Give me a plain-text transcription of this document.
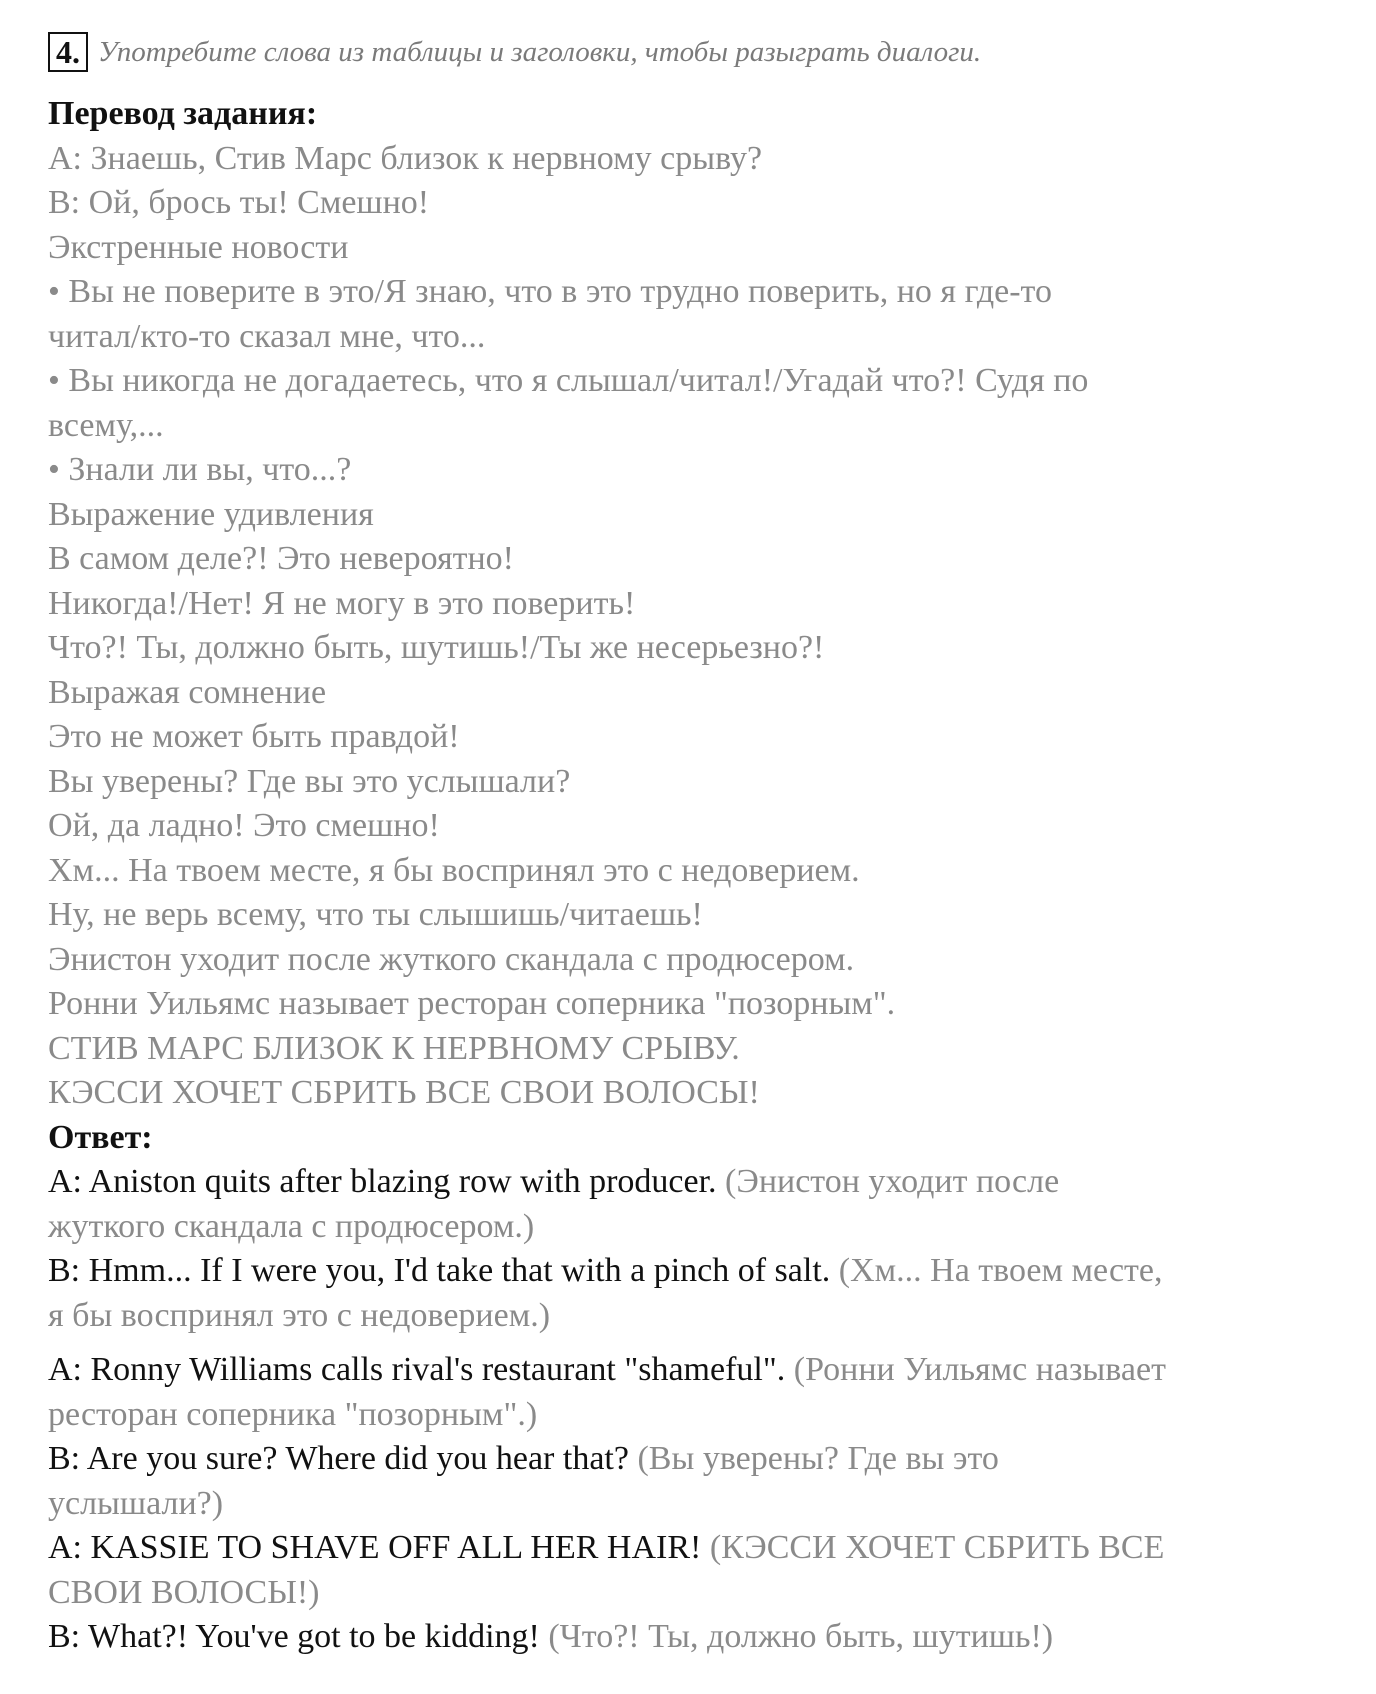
4. Употребите слова из таблицы и заголовки, чтобы разыграть диалоги.
Перевод задания:
A: Знаешь, Стив Марс близок к нервному срыву?
B: Ой, брось ты! Смешно!
Экстренные новости
• Вы не поверите в это/Я знаю, что в это трудно поверить, но я где-то
читал/кто-то сказал мне, что...
• Вы никогда не догадаетесь, что я слышал/читал!/Угадай что?! Судя по
всему,...
• Знали ли вы, что...?
Выражение удивления
В самом деле?! Это невероятно!
Никогда!/Нет! Я не могу в это поверить!
Что?! Ты, должно быть, шутишь!/Ты же несерьезно?!
Выражая сомнение
Это не может быть правдой!
Вы уверены? Где вы это услышали?
Ой, да ладно! Это смешно!
Хм... На твоем месте, я бы воспринял это с недоверием.
Ну, не верь всему, что ты слышишь/читаешь!
Энистон уходит после жуткого скандала с продюсером.
Ронни Уильямс называет ресторан соперника "позорным".
СТИВ МАРС БЛИЗОК К НЕРВНОМУ СРЫВУ.
КЭССИ ХОЧЕТ СБРИТЬ ВСЕ СВОИ ВОЛОСЫ!
Ответ:
A: Aniston quits after blazing row with producer. (Энистон уходит после
жуткого скандала с продюсером.)
B: Hmm... If I were you, I'd take that with a pinch of salt. (Хм... На твоем месте,
я бы воспринял это с недоверием.)
A: Ronny Williams calls rival's restaurant "shameful". (Ронни Уильямс называет
ресторан соперника "позорным".)
B: Are you sure? Where did you hear that? (Вы уверены? Где вы это
услышали?)
A: KASSIE TO SHAVE OFF ALL HER HAIR! (КЭССИ ХОЧЕТ СБРИТЬ ВСЕ
СВОИ ВОЛОСЫ!)
B: What?! You've got to be kidding! (Что?! Ты, должно быть, шутишь!)
